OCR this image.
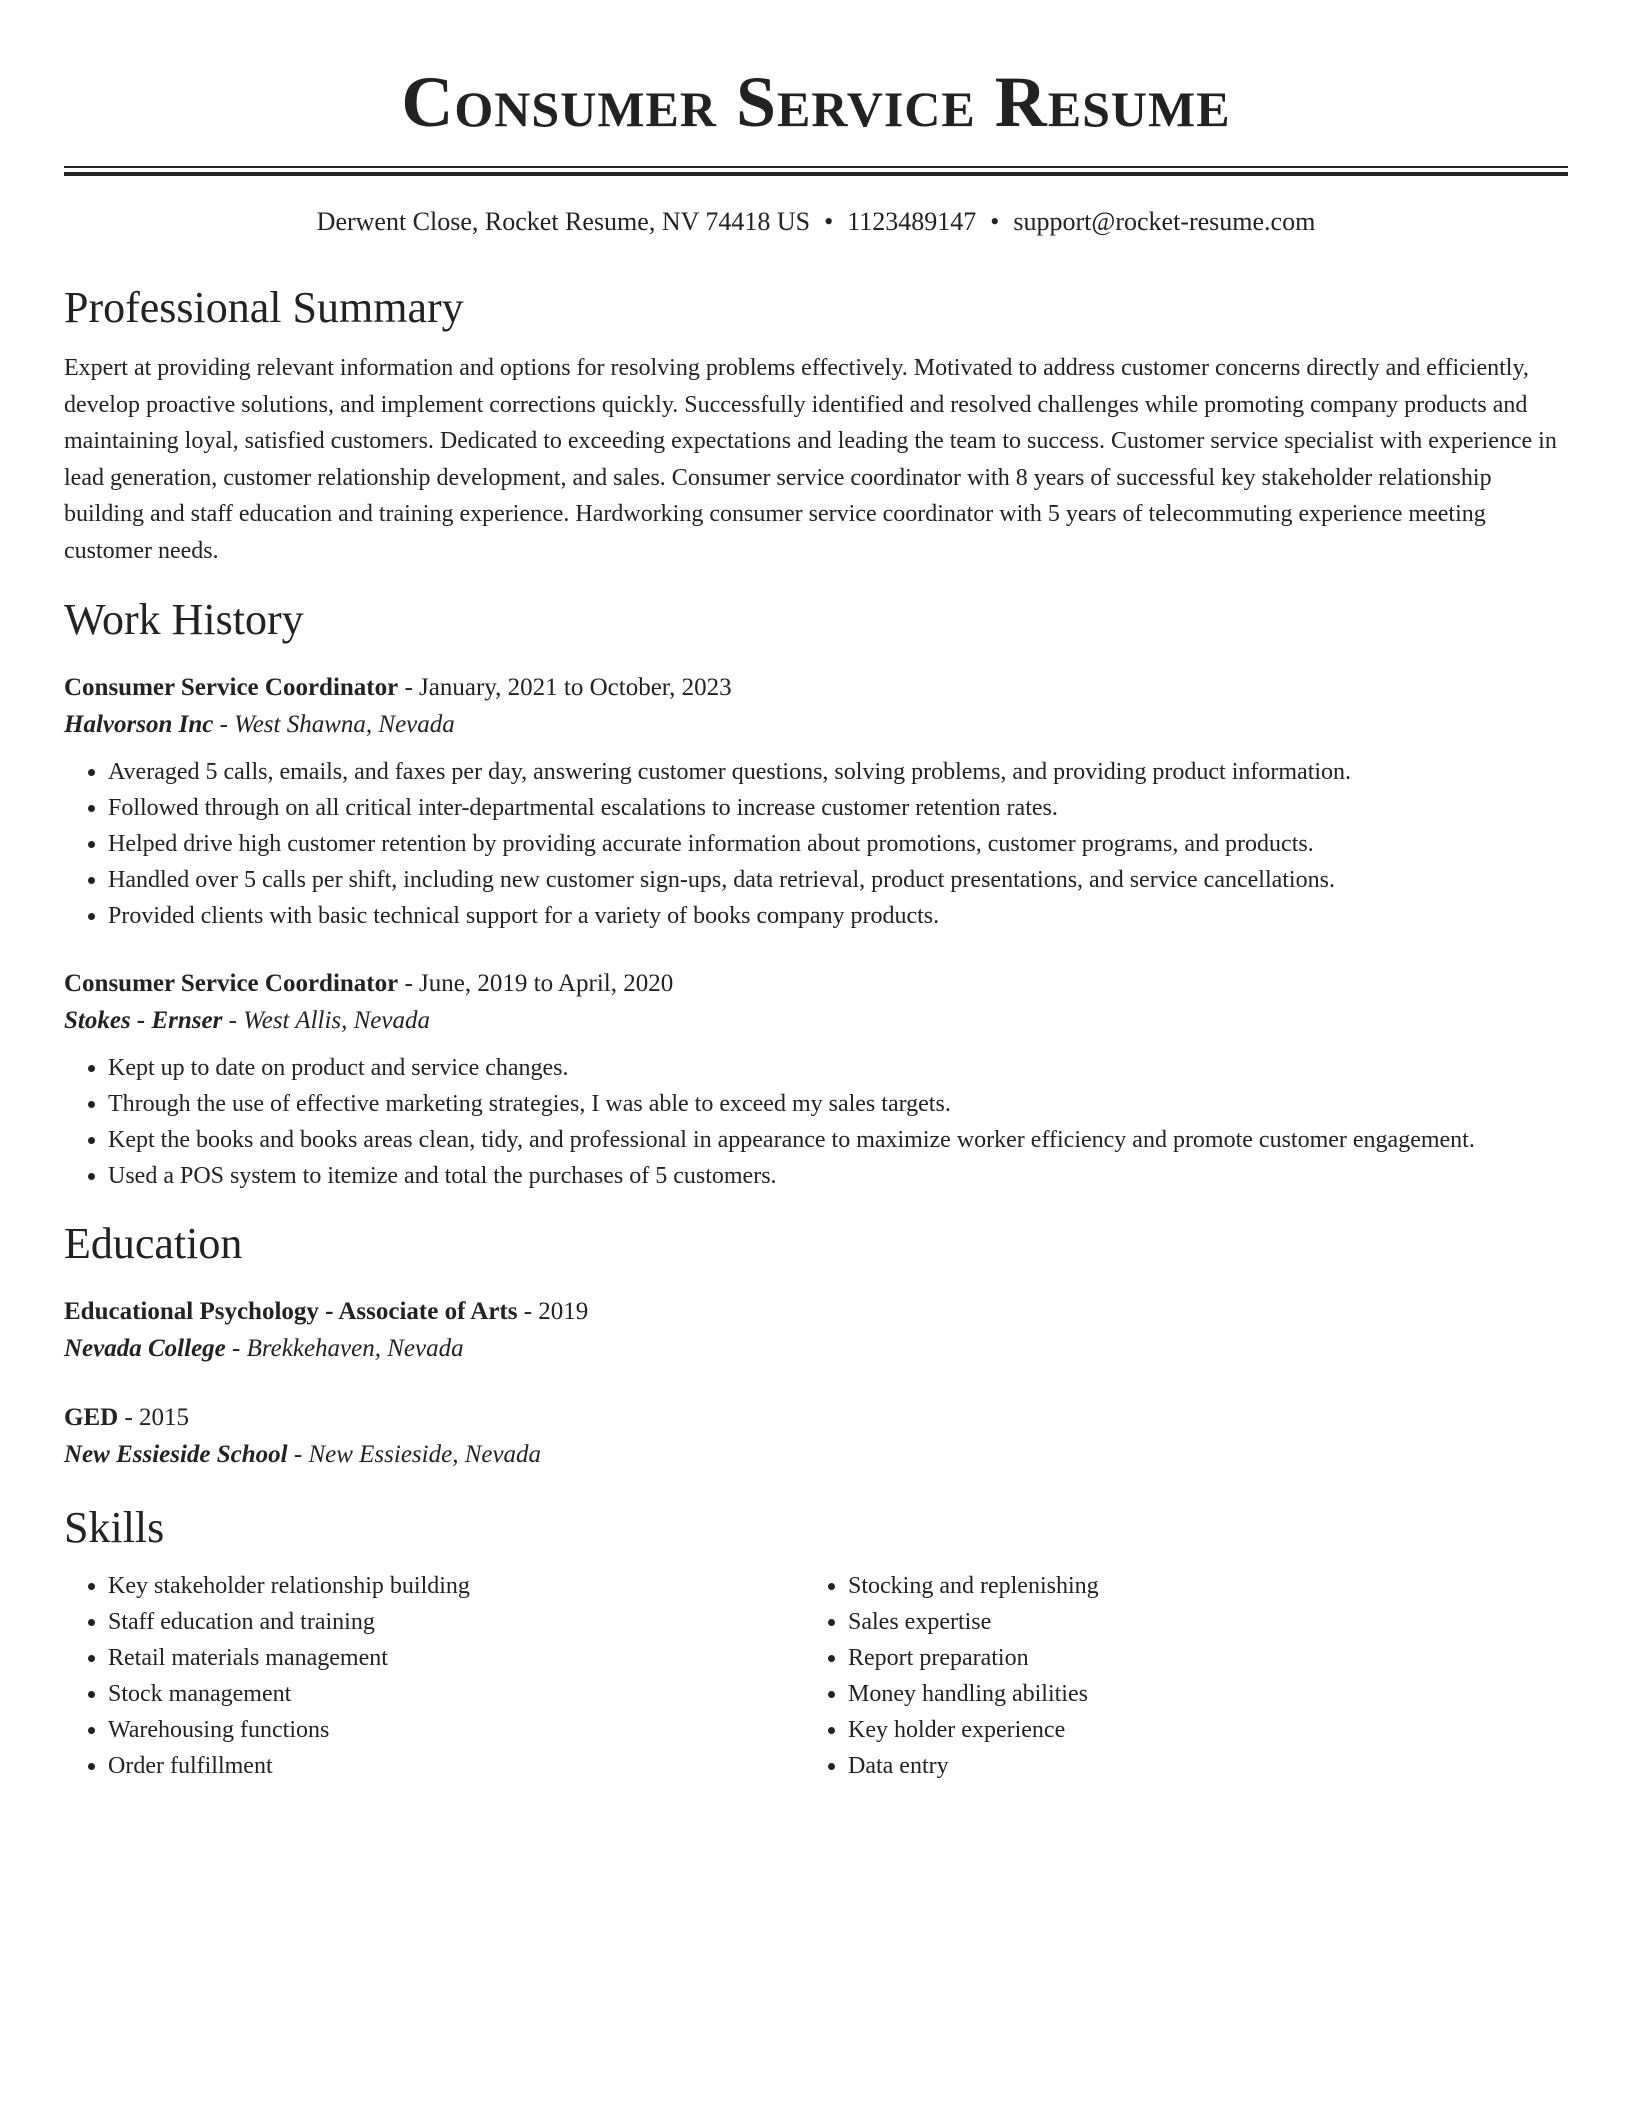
Consumer Service Resume
Derwent Close, Rocket Resume, NV 74418 US • 1123489147 • support@rocket-resume.com
Professional Summary
Expert at providing relevant information and options for resolving problems effectively. Motivated to address customer concerns directly and efficiently, develop proactive solutions, and implement corrections quickly. Successfully identified and resolved challenges while promoting company products and maintaining loyal, satisfied customers. Dedicated to exceeding expectations and leading the team to success. Customer service specialist with experience in lead generation, customer relationship development, and sales. Consumer service coordinator with 8 years of successful key stakeholder relationship building and staff education and training experience. Hardworking consumer service coordinator with 5 years of telecommuting experience meeting customer needs.
Work History
Consumer Service Coordinator - January, 2021 to October, 2023
Halvorson Inc - West Shawna, Nevada
• Averaged 5 calls, emails, and faxes per day, answering customer questions, solving problems, and providing product information.
• Followed through on all critical inter-departmental escalations to increase customer retention rates.
• Helped drive high customer retention by providing accurate information about promotions, customer programs, and products.
• Handled over 5 calls per shift, including new customer sign-ups, data retrieval, product presentations, and service cancellations.
• Provided clients with basic technical support for a variety of books company products.
Consumer Service Coordinator - June, 2019 to April, 2020
Stokes - Ernser - West Allis, Nevada
• Kept up to date on product and service changes.
• Through the use of effective marketing strategies, I was able to exceed my sales targets.
• Kept the books and books areas clean, tidy, and professional in appearance to maximize worker efficiency and promote customer engagement.
• Used a POS system to itemize and total the purchases of 5 customers.
Education
Educational Psychology - Associate of Arts - 2019
Nevada College - Brekkehaven, Nevada
GED - 2015
New Essieside School - New Essieside, Nevada
Skills
• Key stakeholder relationship building
• Staff education and training
• Retail materials management
• Stock management
• Warehousing functions
• Order fulfillment
• Stocking and replenishing
• Sales expertise
• Report preparation
• Money handling abilities
• Key holder experience
• Data entry
